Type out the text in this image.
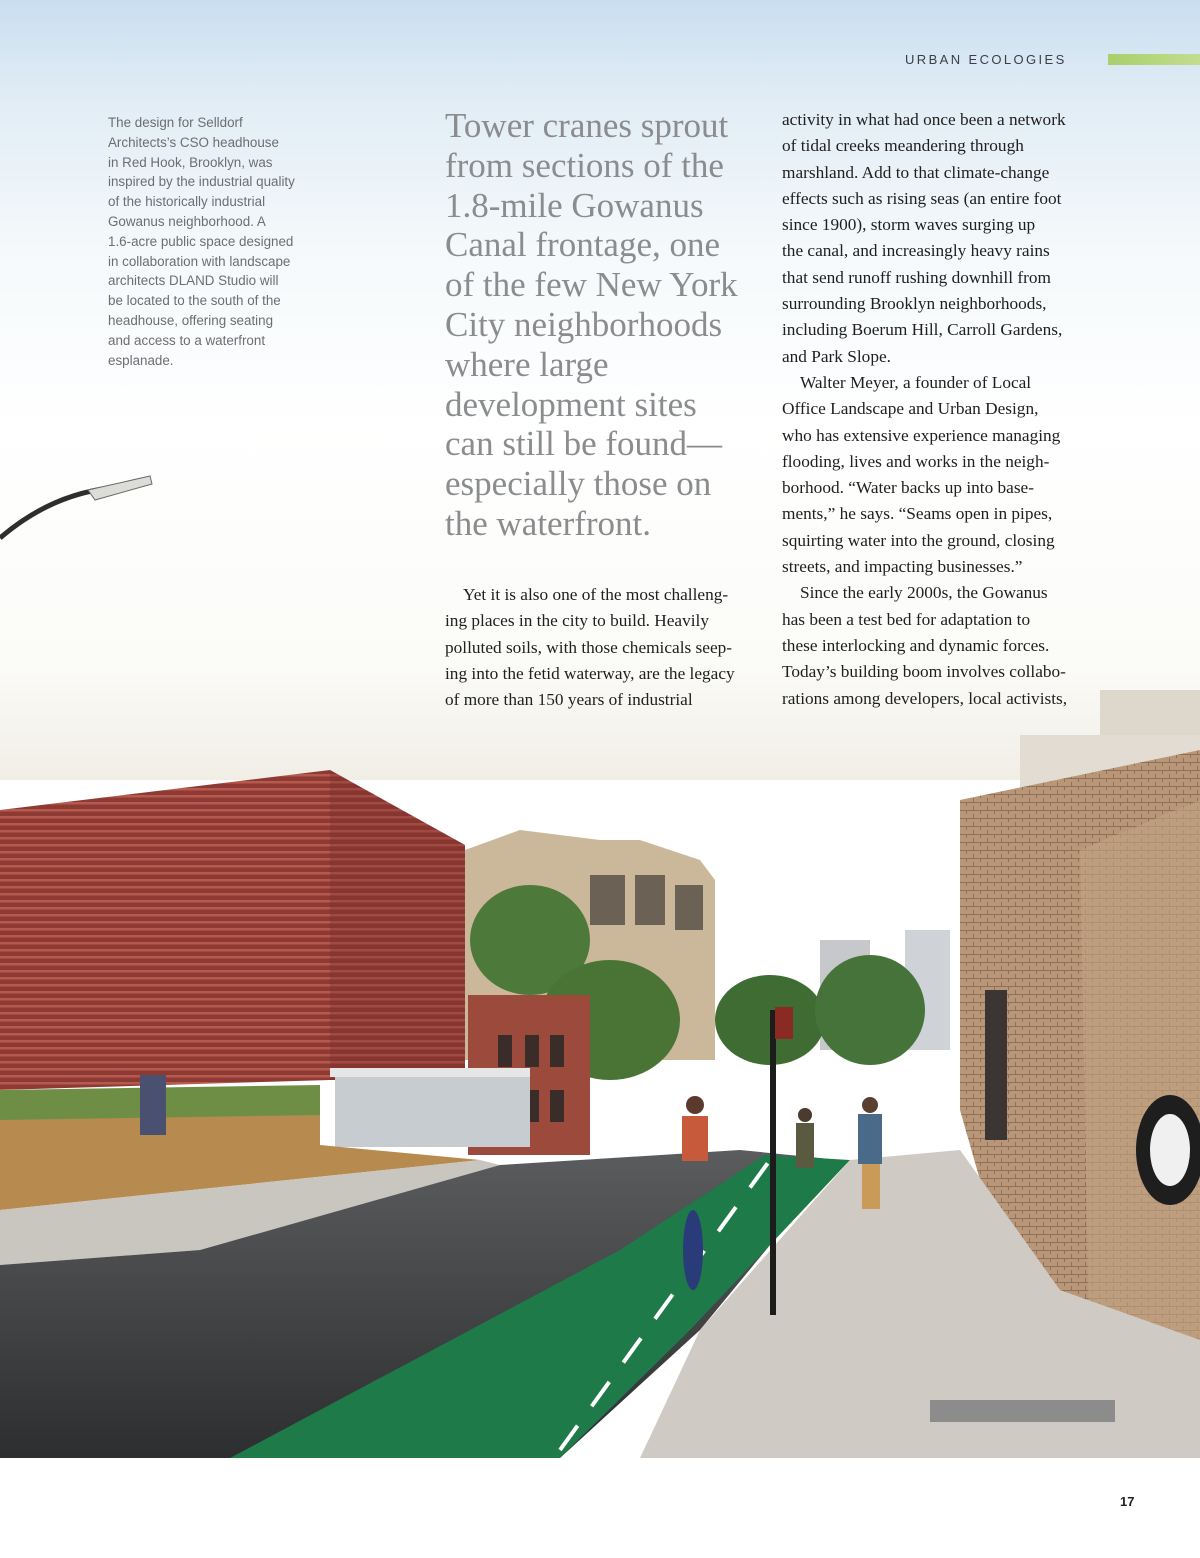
URBAN ECOLOGIES
The design for Selldorf
Architects’s CSO headhouse
in Red Hook, Brooklyn, was
inspired by the industrial quality
of the historically industrial
Gowanus neighborhood. A
1.6-acre public space designed
in collaboration with landscape
architects DLAND Studio will
be located to the south of the
headhouse, offering seating
and access to a waterfront
esplanade.
Tower cranes sprout
from sections of the
1.8-mile Gowanus
Canal frontage, one
of the few New York
City neighborhoods
where large
development sites
can still be found—
especially those on
the waterfront.
Yet it is also one of the most challeng-
ing places in the city to build. Heavily
polluted soils, with those chemicals seep-
ing into the fetid waterway, are the legacy
of more than 150 years of industrial
activity in what had once been a network
of tidal creeks meandering through
marshland. Add to that climate-change
effects such as rising seas (an entire foot
since 1900), storm waves surging up
the canal, and increasingly heavy rains
that send runoff rushing downhill from
surrounding Brooklyn neighborhoods,
including Boerum Hill, Carroll Gardens,
and Park Slope.
Walter Meyer, a founder of Local
Office Landscape and Urban Design,
who has extensive experience managing
flooding, lives and works in the neigh-
borhood. “Water backs up into base-
ments,” he says. “Seams open in pipes,
squirting water into the ground, closing
streets, and impacting businesses.”
Since the early 2000s, the Gowanus
has been a test bed for adaptation to
these interlocking and dynamic forces.
Today’s building boom involves collabo-
rations among developers, local activists,
17
